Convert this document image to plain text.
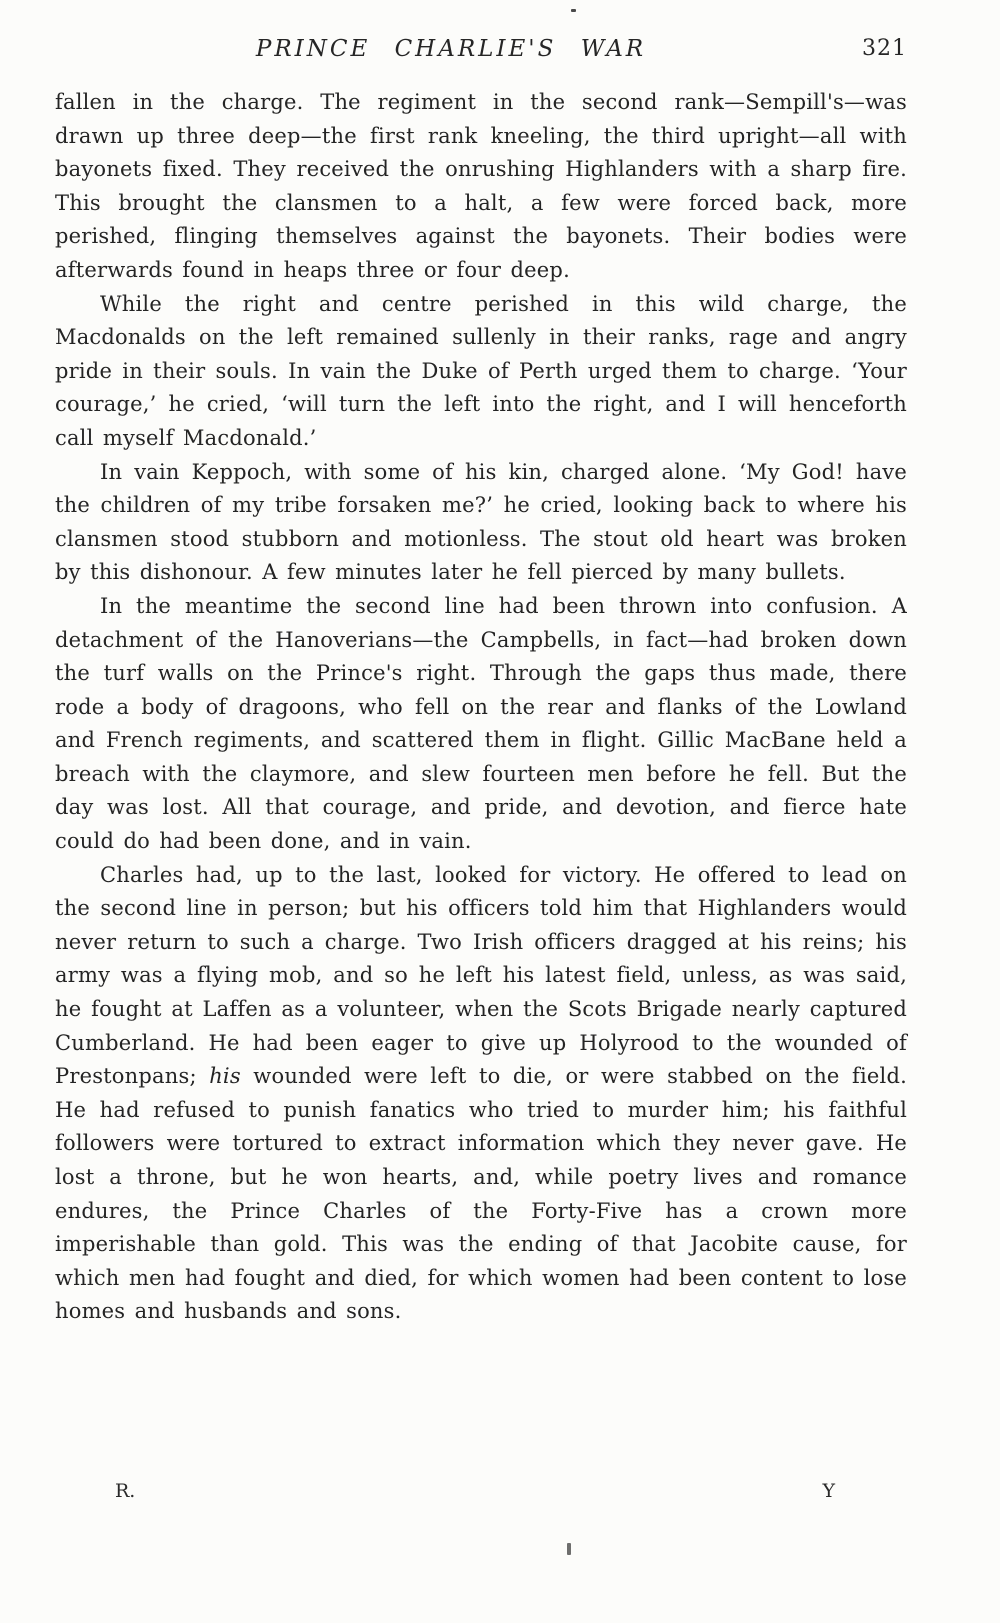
PRINCE CHARLIE'S WAR	321

fallen in the charge. The regiment in the second rank—Sempill's—was drawn up three deep—the first rank kneeling, the third upright—all with bayonets fixed. They received the onrushing Highlanders with a sharp fire. This brought the clansmen to a halt, a few were forced back, more perished, flinging themselves against the bayonets. Their bodies were afterwards found in heaps three or four deep.

While the right and centre perished in this wild charge, the Macdonalds on the left remained sullenly in their ranks, rage and angry pride in their souls. In vain the Duke of Perth urged them to charge. ‘Your courage,’ he cried, ‘will turn the left into the right, and I will henceforth call myself Macdonald.’

In vain Keppoch, with some of his kin, charged alone. ‘My God! have the children of my tribe forsaken me?’ he cried, looking back to where his clansmen stood stubborn and motionless. The stout old heart was broken by this dishonour. A few minutes later he fell pierced by many bullets.

In the meantime the second line had been thrown into confusion. A detachment of the Hanoverians—the Campbells, in fact—had broken down the turf walls on the Prince's right. Through the gaps thus made, there rode a body of dragoons, who fell on the rear and flanks of the Lowland and French regiments, and scattered them in flight. Gillic MacBane held a breach with the claymore, and slew fourteen men before he fell. But the day was lost. All that courage, and pride, and devotion, and fierce hate could do had been done, and in vain.

Charles had, up to the last, looked for victory. He offered to lead on the second line in person; but his officers told him that Highlanders would never return to such a charge. Two Irish officers dragged at his reins; his army was a flying mob, and so he left his latest field, unless, as was said, he fought at Laffen as a volunteer, when the Scots Brigade nearly captured Cumberland. He had been eager to give up Holyrood to the wounded of Prestonpans; his wounded were left to die, or were stabbed on the field. He had refused to punish fanatics who tried to murder him; his faithful followers were tortured to extract information which they never gave. He lost a throne, but he won hearts, and, while poetry lives and romance endures, the Prince Charles of the Forty-Five has a crown more imperishable than gold. This was the ending of that Jacobite cause, for which men had fought and died, for which women had been content to lose homes and husbands and sons.

R.	Y
